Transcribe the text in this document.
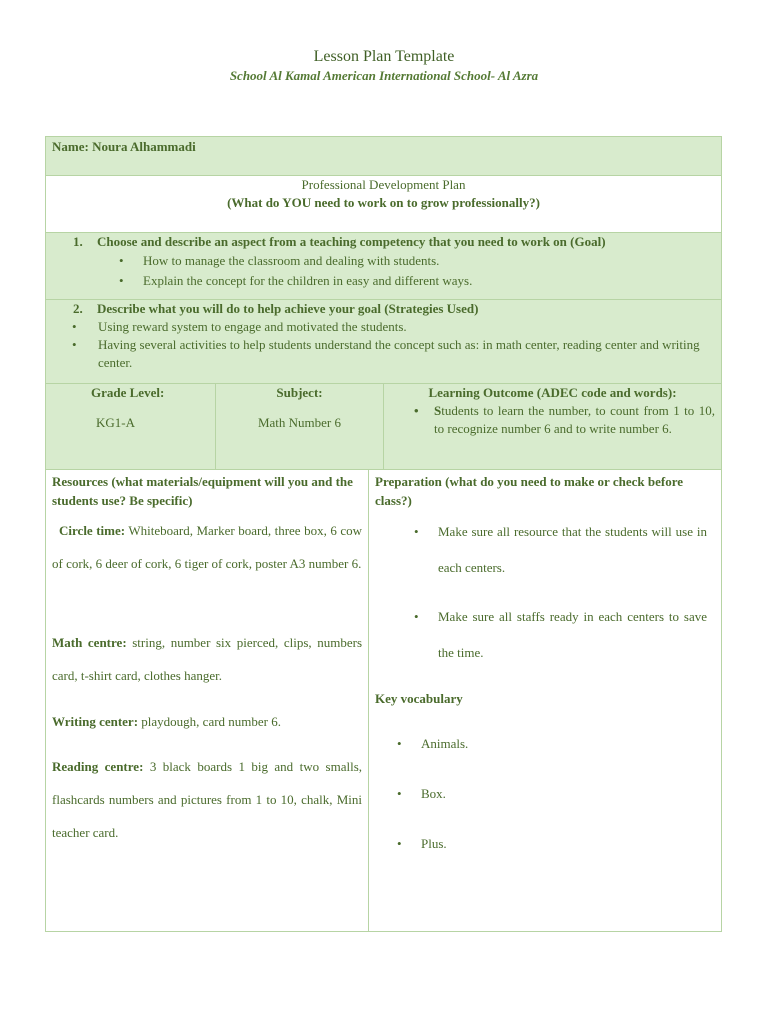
Lesson Plan Template
School Al Kamal American International School- Al Azra
Name: Noura Alhammadi
Professional Development Plan
(What do YOU need to work on to grow professionally?)
1. Choose and describe an aspect from a teaching competency that you need to work on (Goal)
• How to manage the classroom and dealing with students.
• Explain the concept for the children in easy and different ways.
2. Describe what you will do to help achieve your goal (Strategies Used)
• Using reward system to engage and motivated the students.
• Having several activities to help students understand the concept such as: in math center, reading center and writing center.
Grade Level:
KG1-A
Subject:
Math Number 6
Learning Outcome (ADEC code and words):
• Students to learn the number, to count from 1 to 10, to recognize number 6 and to write number 6.
Resources (what materials/equipment will you and the students use? Be specific)
Circle time: Whiteboard, Marker board, three box, 6 cow of cork, 6 deer of cork, 6 tiger of cork, poster A3 number 6.
Math centre: string, number six pierced, clips, numbers card, t-shirt card, clothes hanger.
Writing center: playdough, card number 6.
Reading centre: 3 black boards 1 big and two smalls, flashcards numbers and pictures from 1 to 10, chalk, Mini teacher card.
Preparation (what do you need to make or check before class?)
• Make sure all resource that the students will use in each centers.
• Make sure all staffs ready in each centers to save the time.
Key vocabulary
• Animals.
• Box.
• Plus.
